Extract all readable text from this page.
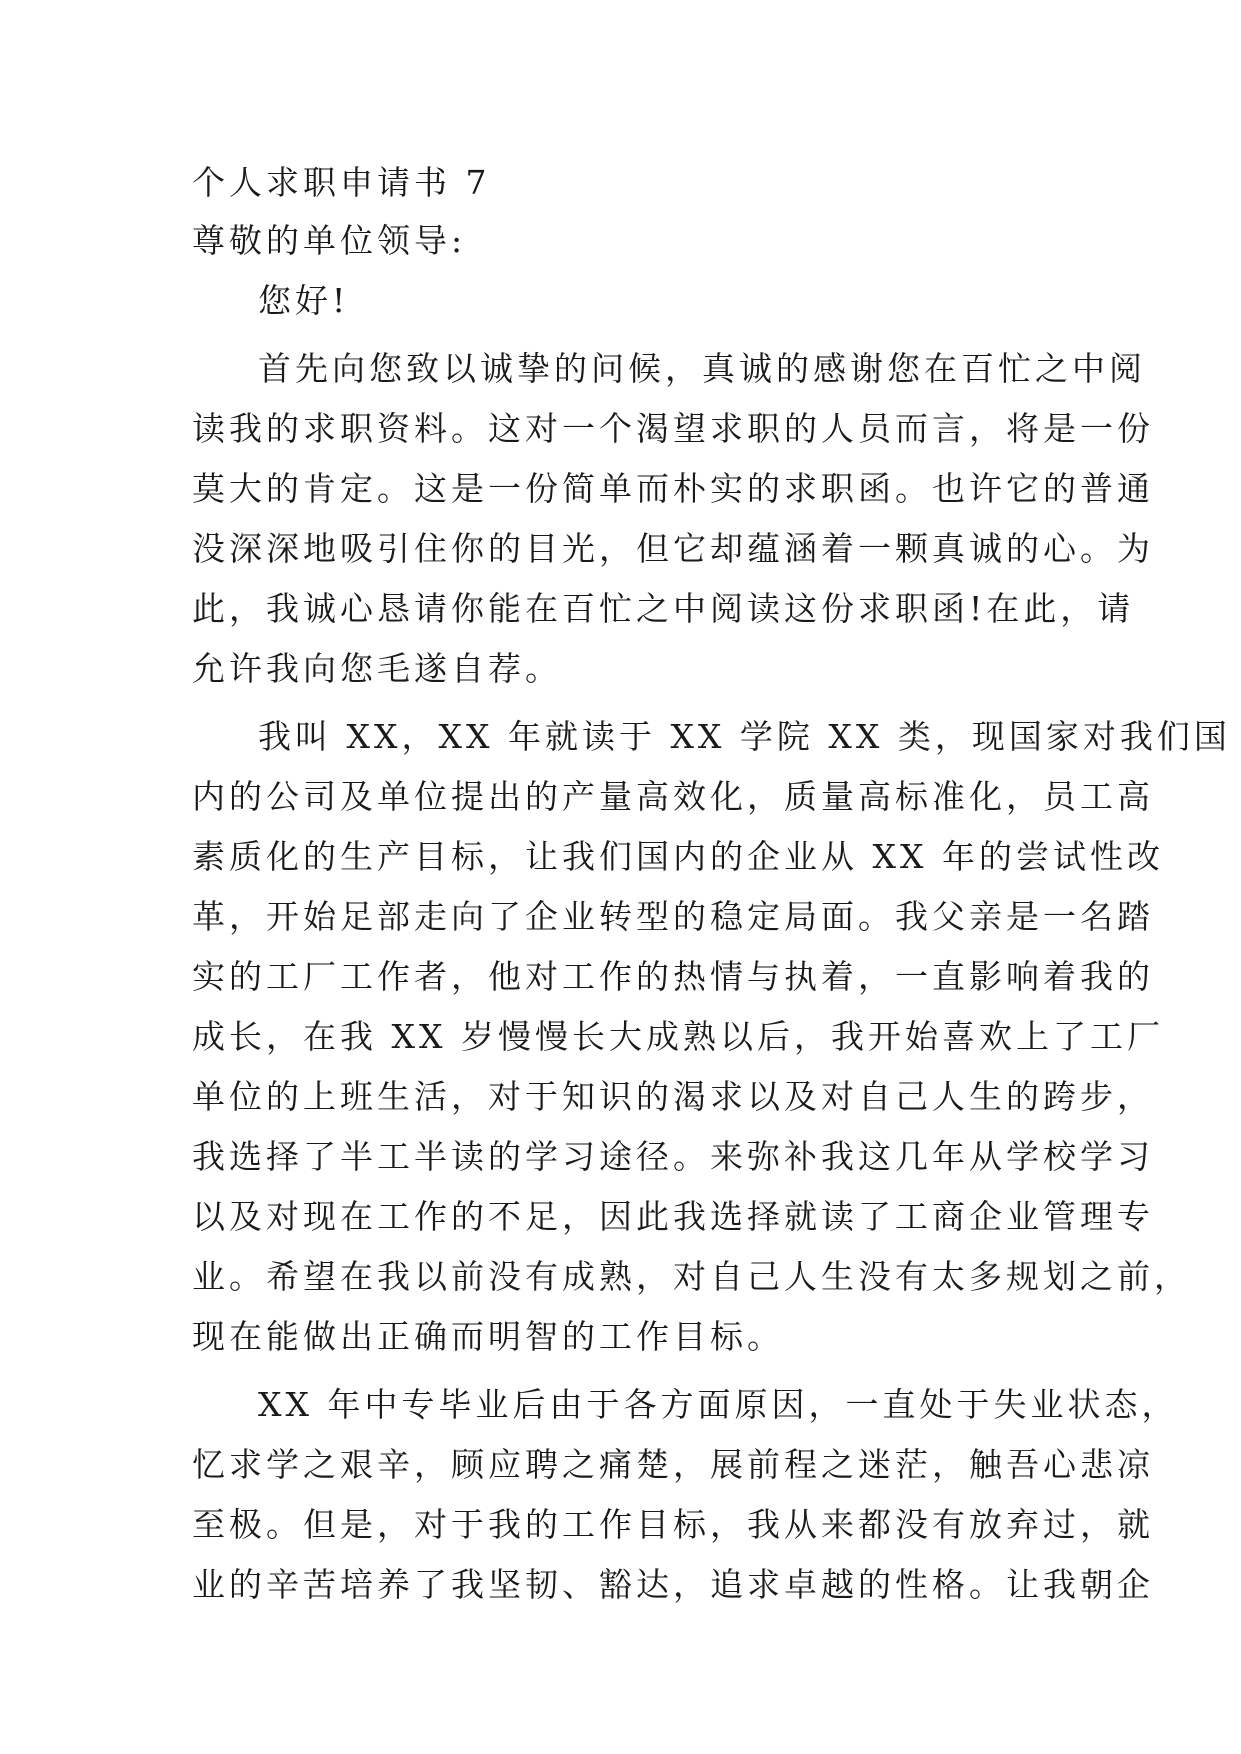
个人求职申请书 7
尊敬的单位领导:
您好!
首先向您致以诚挚的问候，真诚的感谢您在百忙之中阅
读我的求职资料。这对一个渴望求职的人员而言，将是一份
莫大的肯定。这是一份简单而朴实的求职函。也许它的普通
没深深地吸引住你的目光，但它却蕴涵着一颗真诚的心。为
此，我诚心恳请你能在百忙之中阅读这份求职函!在此，请
允许我向您毛遂自荐。
我叫 XX，XX 年就读于 XX 学院 XX 类，现国家对我们国
内的公司及单位提出的产量高效化，质量高标准化，员工高
素质化的生产目标，让我们国内的企业从 XX 年的尝试性改
革，开始足部走向了企业转型的稳定局面。我父亲是一名踏
实的工厂工作者，他对工作的热情与执着，一直影响着我的
成长，在我 XX 岁慢慢长大成熟以后，我开始喜欢上了工厂
单位的上班生活，对于知识的渴求以及对自己人生的跨步，
我选择了半工半读的学习途径。来弥补我这几年从学校学习
以及对现在工作的不足，因此我选择就读了工商企业管理专
业。希望在我以前没有成熟，对自己人生没有太多规划之前，
现在能做出正确而明智的工作目标。
XX 年中专毕业后由于各方面原因，一直处于失业状态，
忆求学之艰辛，顾应聘之痛楚，展前程之迷茫，触吾心悲凉
至极。但是，对于我的工作目标，我从来都没有放弃过，就
业的辛苦培养了我坚韧、豁达，追求卓越的性格。让我朝企
